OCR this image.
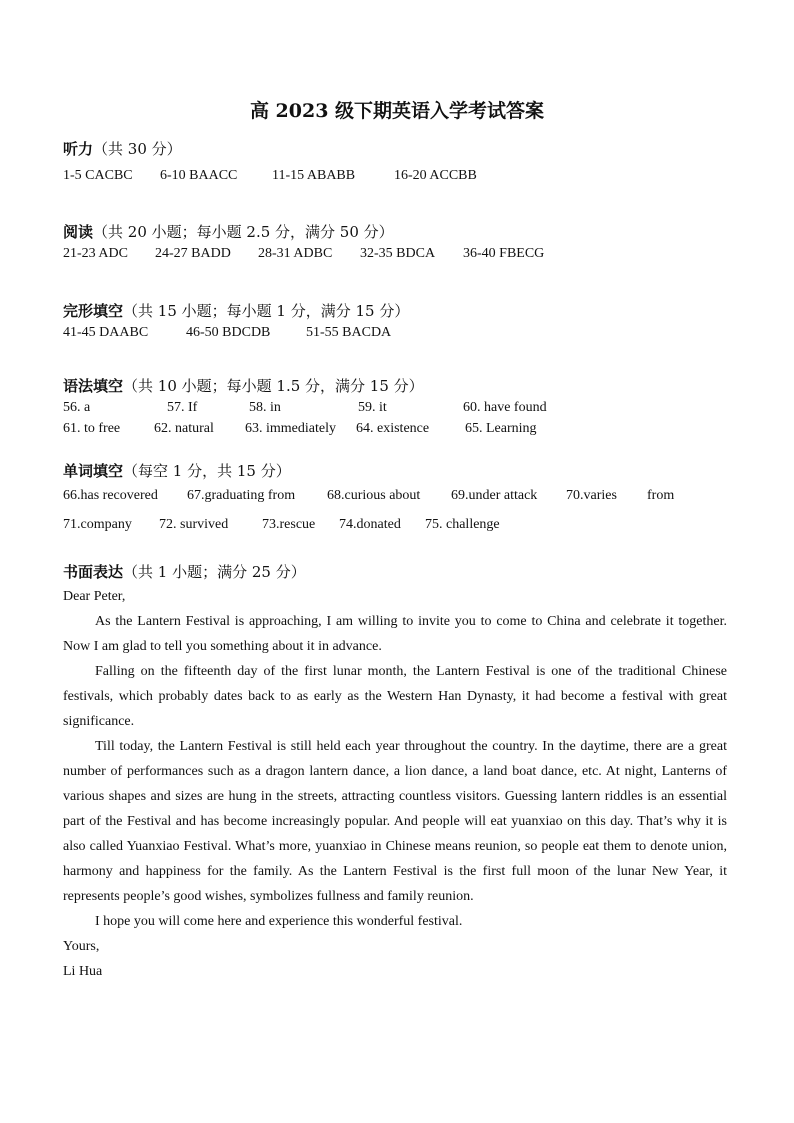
高 2023 级下期英语入学考试答案
听力（共 30 分）
1-5 CACBC 6-10 BAACC 11-15 ABABB	16-20 ACCBB
阅读（共 20 小题；每小题 2.5 分，满分 50 分）
21-23 ADC 24-27 BADD 28-31 ADBC 32-35 BDCA 36-40 FBECG
完形填空（共 15 小题；每小题 1 分，满分 15 分）
41-45 DAABC	46-50 BDCDB	51-55 BACDA
语法填空（共 10 小题；每小题 1.5 分，满分 15 分）
56. a	57. If	58. in	59. it	60. have found
61. to free 62. natural 63. immediately 64. existence	65. Learning
单词填空（每空 1 分，共 15 分）
66.has recovered 67.graduating from 68.curious about 69.under attack 70.varies from
71.company 72. survived 73.rescue 74.donated 75. challenge
书面表达（共 1 小题；满分 25 分）

Dear Peter,

As the Lantern Festival is approaching, I am willing to invite you to come to China and celebrate it together. Now I am glad to tell you something about it in advance.

Falling on the fifteenth day of the first lunar month, the Lantern Festival is one of the traditional Chinese festivals, which probably dates back to as early as the Western Han Dynasty, it had become a festival with great significance.

Till today, the Lantern Festival is still held each year throughout the country. In the daytime, there are a great number of performances such as a dragon lantern dance, a lion dance, a land boat dance, etc. At night, Lanterns of various shapes and sizes are hung in the streets, attracting countless visitors. Guessing lantern riddles is an essential part of the Festival and has become increasingly popular. And people will eat yuanxiao on this day. That’s why it is also called Yuanxiao Festival. What’s more, yuanxiao in Chinese means reunion, so people eat them to denote union, harmony and happiness for the family. As the Lantern Festival is the first full moon of the lunar New Year, it represents people’s good wishes, symbolizes fullness and family reunion.

I hope you will come here and experience this wonderful festival.

Yours,

Li Hua
